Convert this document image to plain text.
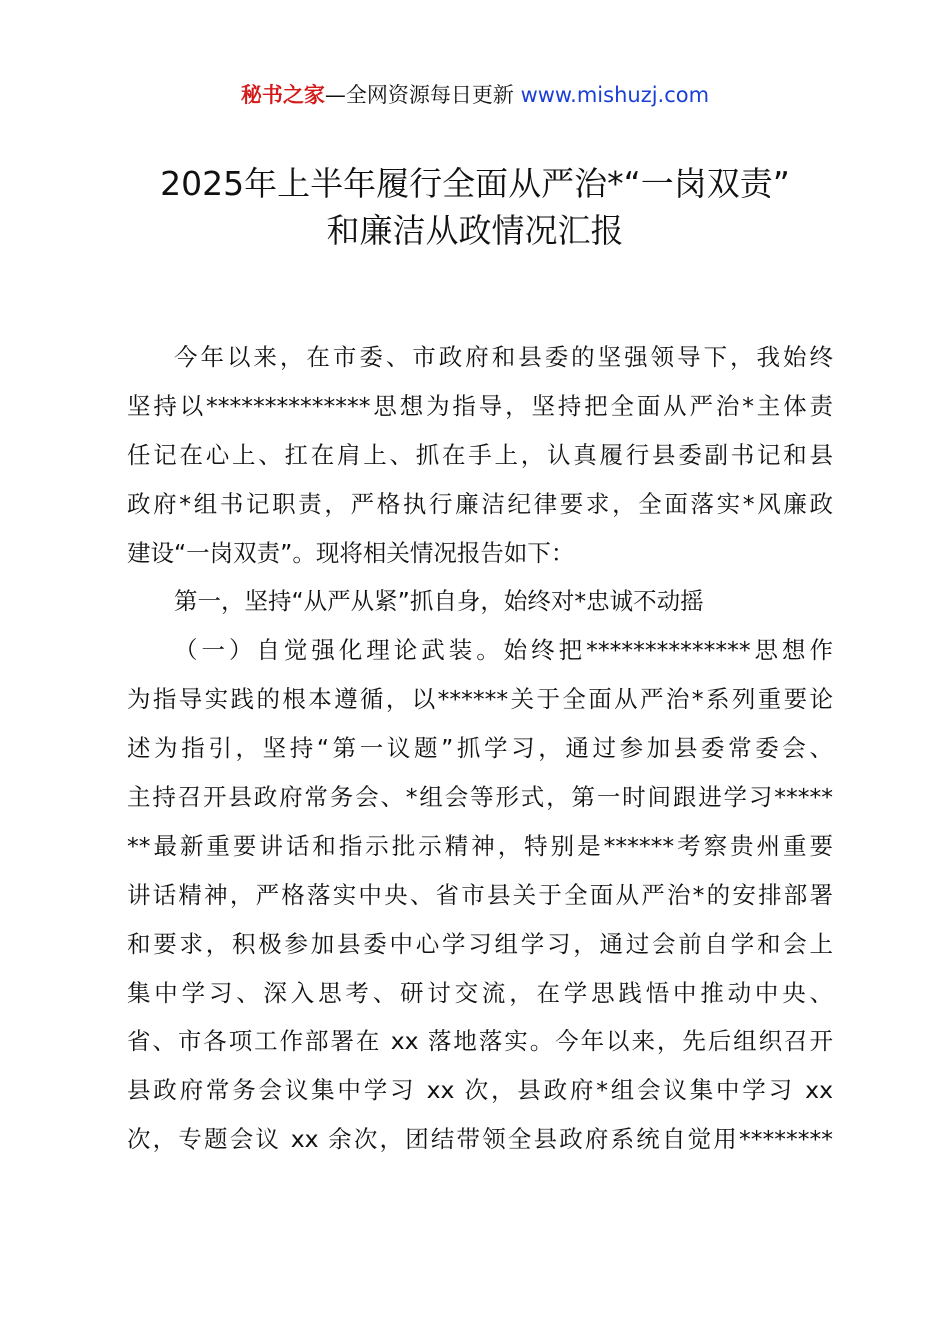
秘书之家—全网资源每日更新 www.mishuzj.com
2025年上半年履行全面从严治*“一岗双责”
和廉洁从政情况汇报
今年以来，在市委、市政府和县委的坚强领导下，我始终
坚持以**************思想为指导，坚持把全面从严治*主体责
任记在心上、扛在肩上、抓在手上，认真履行县委副书记和县
政府*组书记职责，严格执行廉洁纪律要求，全面落实*风廉政
建设“一岗双责”。现将相关情况报告如下：
第一，坚持“从严从紧”抓自身，始终对*忠诚不动摇
（一）自觉强化理论武装。始终把**************思想作
为指导实践的根本遵循，以******关于全面从严治*系列重要论
述为指引，坚持“第一议题”抓学习，通过参加县委常委会、
主持召开县政府常务会、*组会等形式，第一时间跟进学习*****
**最新重要讲话和指示批示精神，特别是******考察贵州重要
讲话精神，严格落实中央、省市县关于全面从严治*的安排部署
和要求，积极参加县委中心学习组学习，通过会前自学和会上
集中学习、深入思考、研讨交流，在学思践悟中推动中央、
省、市各项工作部署在 xx 落地落实。今年以来，先后组织召开
县政府常务会议集中学习 xx 次，县政府*组会议集中学习 xx
次，专题会议 xx 余次，团结带领全县政府系统自觉用********
